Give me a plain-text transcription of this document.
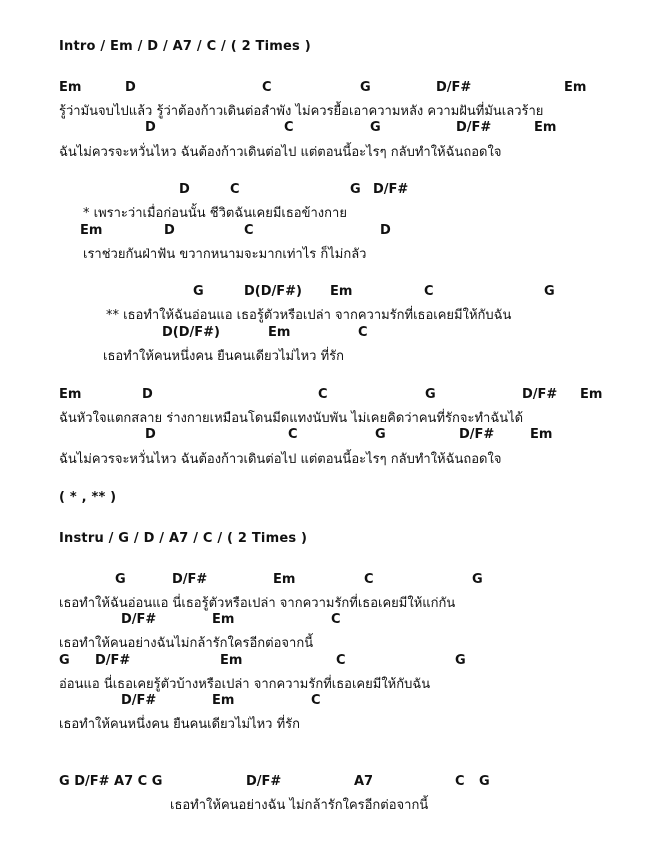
Intro / Em / D / A7 / C / ( 2 Times )
Em	D	C	G	D/F#	Em
รู้ว่ามันจบไปแล้ว รู้ว่าต้องก้าวเดินต่อลำพัง ไม่ควรยื้อเอาความหลัง ความฝันที่มันเลวร้าย
D	C	G	D/F#	Em
ฉันไม่ควรจะหวั่นไหว ฉันต้องก้าวเดินต่อไป แต่ตอนนี้อะไรๆ กลับทำให้ฉันถอดใจ
D	C	G D/F#
* เพราะว่าเมื่อก่อนนั้น ชีวิตฉันเคยมีเธอข้างกาย
Em	D	C	D
เราช่วยกันฝ่าฟัน ขวากหนามจะมากเท่าไร ก็ไม่กลัว
G	D(D/F#) Em	C	G
** เธอทำให้ฉันอ่อนแอ เธอรู้ตัวหรือเปล่า จากความรักที่เธอเคยมีให้กับฉัน
D(D/F#)	Em	C
เธอทำให้คนหนึ่งคน ยืนคนเดียวไม่ไหว ที่รัก
Em	D	C	G	D/F# Em
ฉันหัวใจแตกสลาย ร่างกายเหมือนโดนมีดแทงนับพัน ไม่เคยคิดว่าคนที่รักจะทำฉันได้
D	C	G	D/F#	Em
ฉันไม่ควรจะหวั่นไหว ฉันต้องก้าวเดินต่อไป แต่ตอนนี้อะไรๆ กลับทำให้ฉันถอดใจ
( * , ** )
Instru / G / D / A7 / C / ( 2 Times )
G	D/F#	Em	C	G
เธอทำให้ฉันอ่อนแอ นี่เธอรู้ตัวหรือเปล่า จากความรักที่เธอเคยมีให้แก่กัน
D/F#	Em	C
เธอทำให้คนอย่างฉันไม่กล้ารักใครอีกต่อจากนี้
G D/F#	Em	C	G
อ่อนแอ นี่เธอเคยรู้ตัวบ้างหรือเปล่า จากความรักที่เธอเคยมีให้กับฉัน
D/F#	Em	C
เธอทำให้คนหนึ่งคน ยืนคนเดียวไม่ไหว ที่รัก
G D/F# A7 C G	D/F#	A7	C G
เธอทำให้คนอย่างฉัน ไม่กล้ารักใครอีกต่อจากนี้
